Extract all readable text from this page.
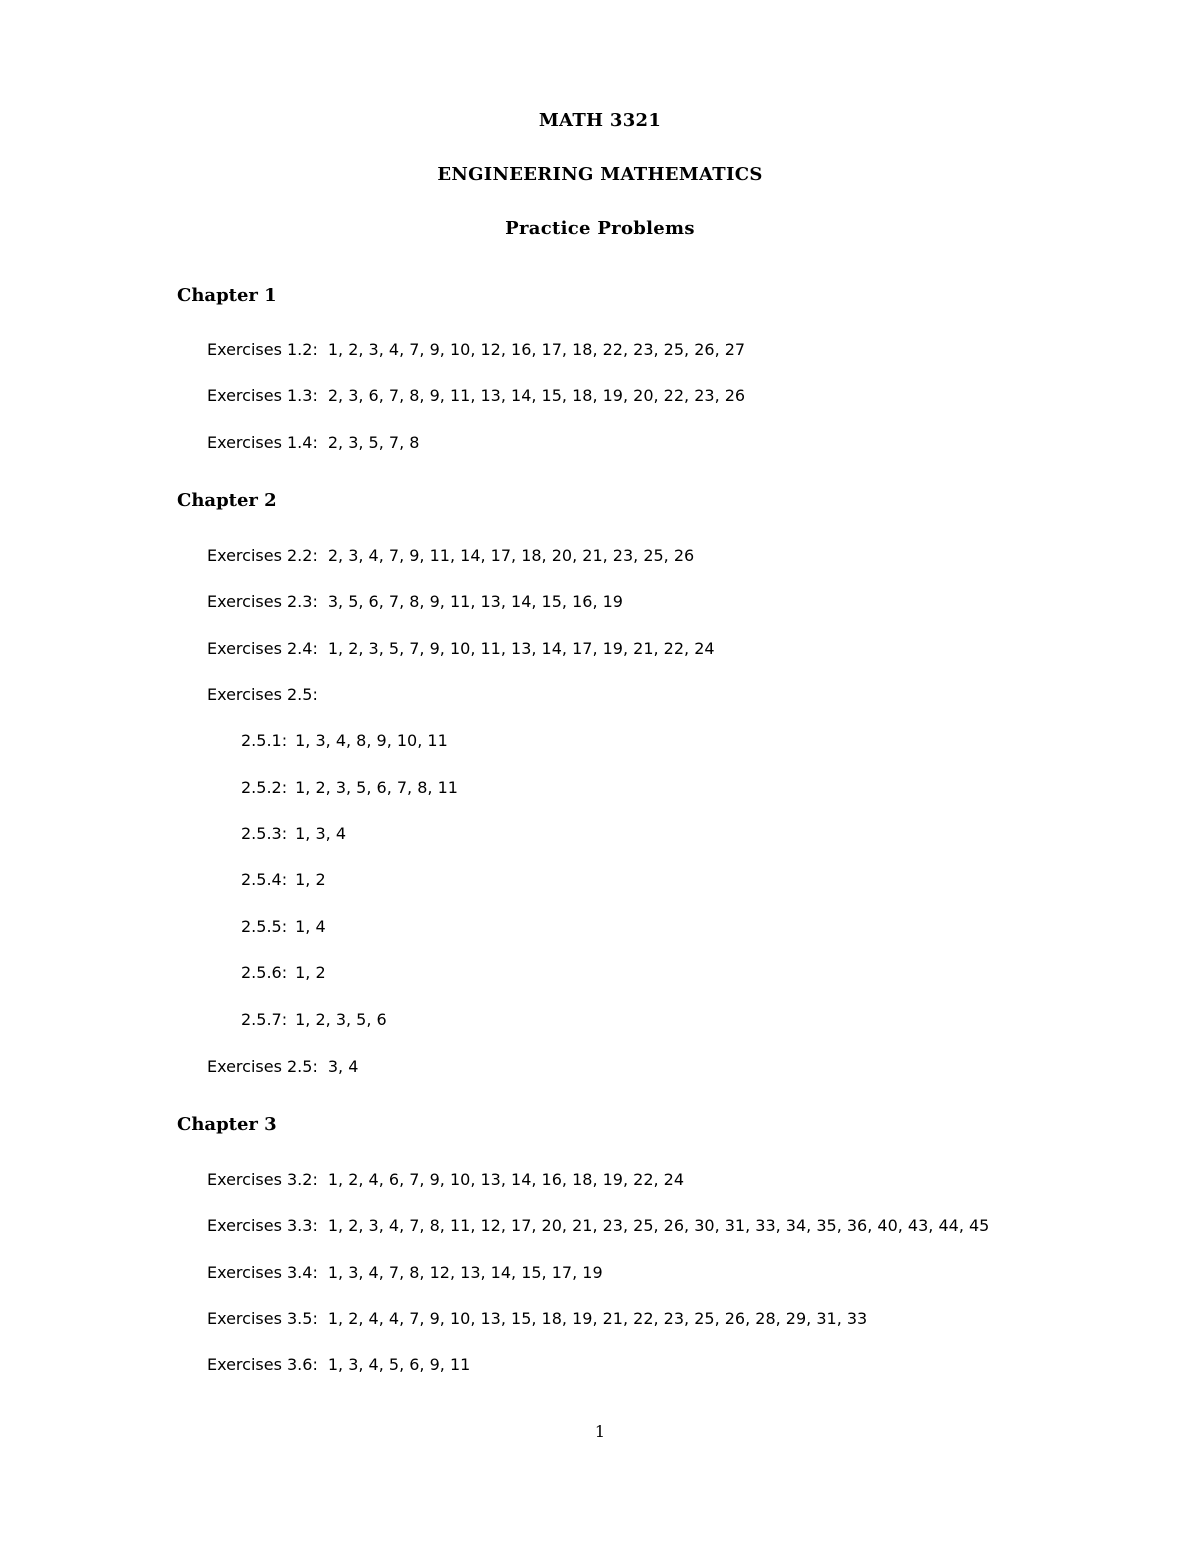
MATH 3321
ENGINEERING MATHEMATICS
Practice Problems
Chapter 1
Exercises 1.2: 1, 2, 3, 4, 7, 9, 10, 12, 16, 17, 18, 22, 23, 25, 26, 27
Exercises 1.3: 2, 3, 6, 7, 8, 9, 11, 13, 14, 15, 18, 19, 20, 22, 23, 26
Exercises 1.4: 2, 3, 5, 7, 8
Chapter 2
Exercises 2.2: 2, 3, 4, 7, 9, 11, 14, 17, 18, 20, 21, 23, 25, 26
Exercises 2.3: 3, 5, 6, 7, 8, 9, 11, 13, 14, 15, 16, 19
Exercises 2.4: 1, 2, 3, 5, 7, 9, 10, 11, 13, 14, 17, 19, 21, 22, 24
Exercises 2.5:
2.5.1: 1, 3, 4, 8, 9, 10, 11
2.5.2: 1, 2, 3, 5, 6, 7, 8, 11
2.5.3: 1, 3, 4
2.5.4: 1, 2
2.5.5: 1, 4
2.5.6: 1, 2
2.5.7: 1, 2, 3, 5, 6
Exercises 2.5: 3, 4
Chapter 3
Exercises 3.2: 1, 2, 4, 6, 7, 9, 10, 13, 14, 16, 18, 19, 22, 24
Exercises 3.3: 1, 2, 3, 4, 7, 8, 11, 12, 17, 20, 21, 23, 25, 26, 30, 31, 33, 34, 35, 36, 40, 43, 44, 45
Exercises 3.4: 1, 3, 4, 7, 8, 12, 13, 14, 15, 17, 19
Exercises 3.5: 1, 2, 4, 4, 7, 9, 10, 13, 15, 18, 19, 21, 22, 23, 25, 26, 28, 29, 31, 33
Exercises 3.6: 1, 3, 4, 5, 6, 9, 11
1
